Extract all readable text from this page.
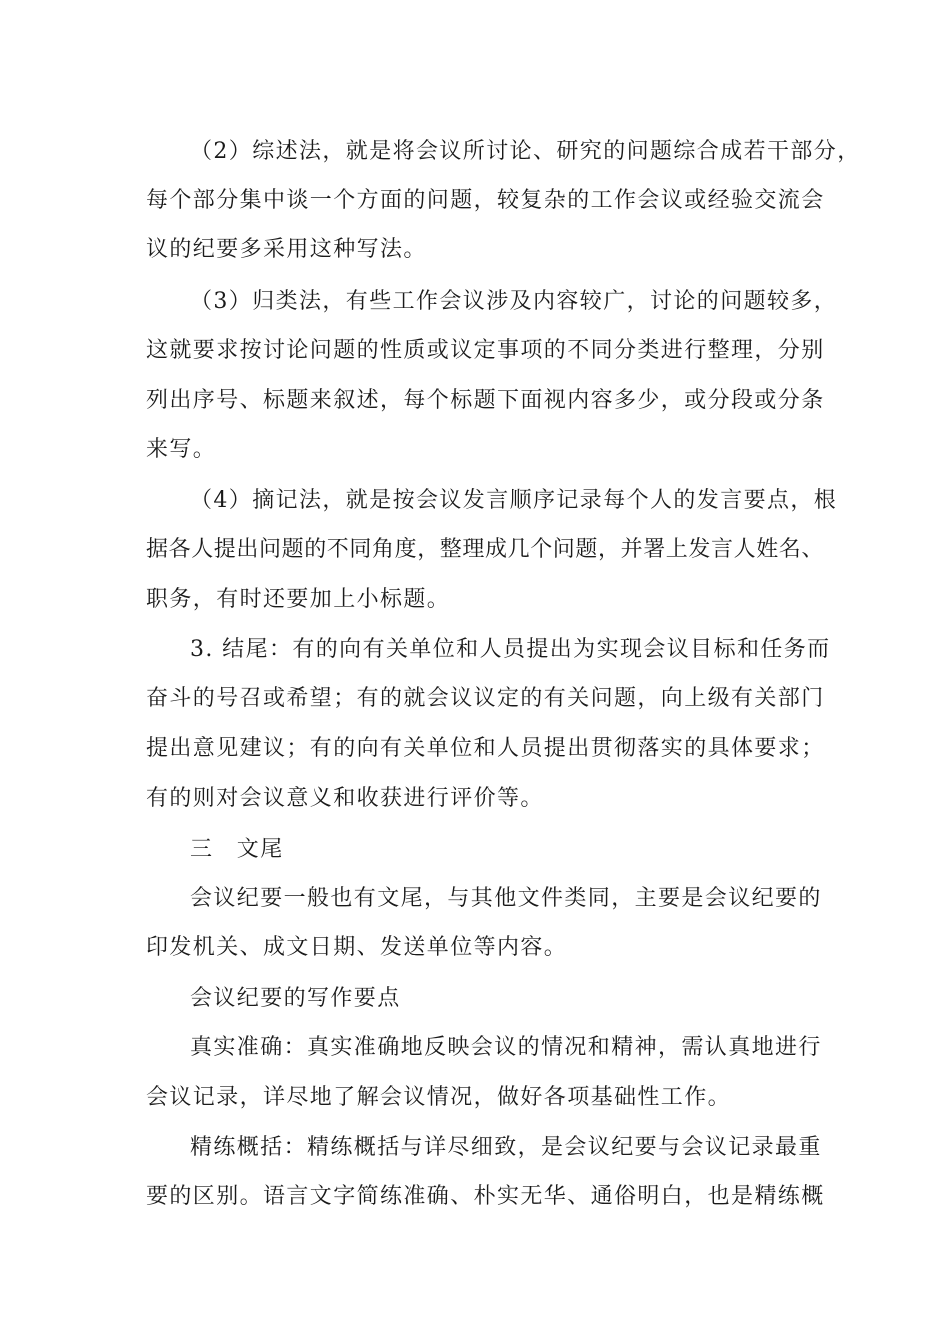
（2）综述法，就是将会议所讨论、研究的问题综合成若干部分，
每个部分集中谈一个方面的问题，较复杂的工作会议或经验交流会
议的纪要多采用这种写法。
（3）归类法，有些工作会议涉及内容较广，讨论的问题较多，
这就要求按讨论问题的性质或议定事项的不同分类进行整理，分别
列出序号、标题来叙述，每个标题下面视内容多少，或分段或分条
来写。
（4）摘记法，就是按会议发言顺序记录每个人的发言要点，根
据各人提出问题的不同角度，整理成几个问题，并署上发言人姓名、
职务，有时还要加上小标题。
3. 结尾：有的向有关单位和人员提出为实现会议目标和任务而
奋斗的号召或希望；有的就会议议定的有关问题，向上级有关部门
提出意见建议；有的向有关单位和人员提出贯彻落实的具体要求；
有的则对会议意义和收获进行评价等。
三　文尾
会议纪要一般也有文尾，与其他文件类同，主要是会议纪要的
印发机关、成文日期、发送单位等内容。
会议纪要的写作要点
真实准确：真实准确地反映会议的情况和精神，需认真地进行
会议记录，详尽地了解会议情况，做好各项基础性工作。
精练概括：精练概括与详尽细致，是会议纪要与会议记录最重
要的区别。语言文字简练准确、朴实无华、通俗明白，也是精练概
